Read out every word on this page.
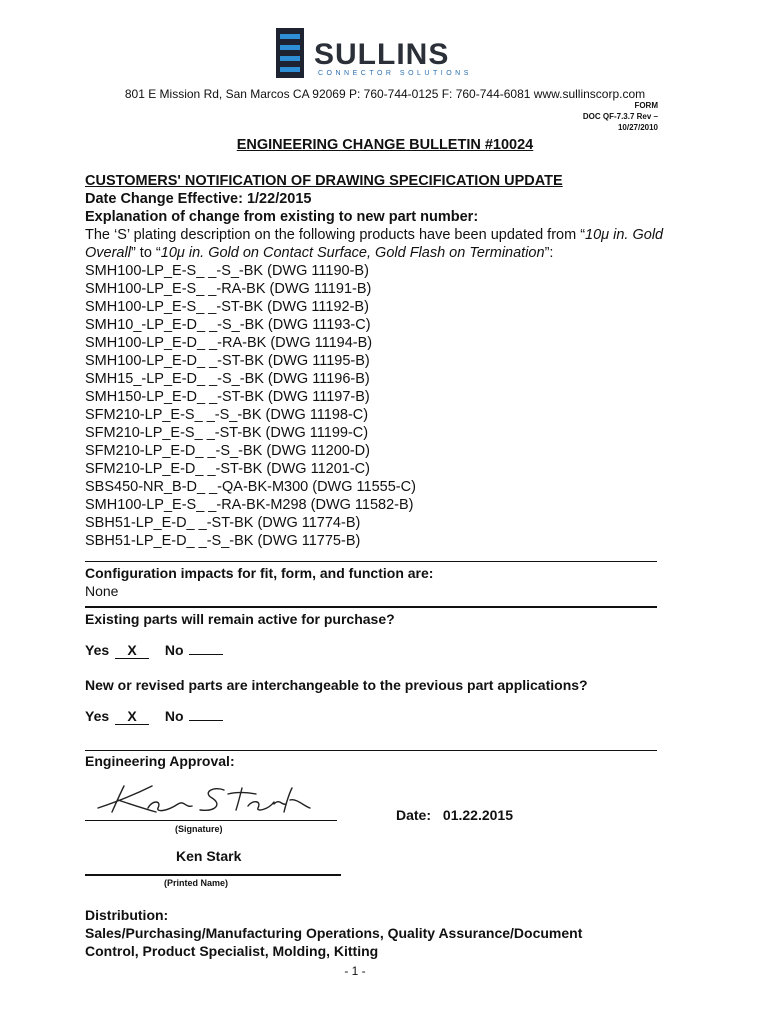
SULLINS
CONNECTOR SOLUTIONS
801 E Mission Rd, San Marcos CA 92069 P: 760-744-0125 F: 760-744-6081 www.sullinscorp.com
FORM
DOC QF-7.3.7 Rev –
10/27/2010
ENGINEERING CHANGE BULLETIN #10024
CUSTOMERS' NOTIFICATION OF DRAWING SPECIFICATION UPDATE
Date Change Effective: 1/22/2015
Explanation of change from existing to new part number:
The ‘S’ plating description on the following products have been updated from “10μ in. Gold Overall” to “10μ in. Gold on Contact Surface, Gold Flash on Termination”:
SMH100-LP_E-S_ _-S_-BK (DWG 11190-B)
SMH100-LP_E-S_ _-RA-BK (DWG 11191-B)
SMH100-LP_E-S_ _-ST-BK (DWG 11192-B)
SMH10_-LP_E-D_ _-S_-BK (DWG 11193-C)
SMH100-LP_E-D_ _-RA-BK (DWG 11194-B)
SMH100-LP_E-D_ _-ST-BK (DWG 11195-B)
SMH15_-LP_E-D_ _-S_-BK (DWG 11196-B)
SMH150-LP_E-D_ _-ST-BK (DWG 11197-B)
SFM210-LP_E-S_ _-S_-BK (DWG 11198-C)
SFM210-LP_E-S_ _-ST-BK (DWG 11199-C)
SFM210-LP_E-D_ _-S_-BK (DWG 11200-D)
SFM210-LP_E-D_ _-ST-BK (DWG 11201-C)
SBS450-NR_B-D_ _-QA-BK-M300 (DWG 11555-C)
SMH100-LP_E-S_ _-RA-BK-M298 (DWG 11582-B)
SBH51-LP_E-D_ _-ST-BK (DWG 11774-B)
SBH51-LP_E-D_ _-S_-BK (DWG 11775-B)
Configuration impacts for fit, form, and function are:
None
Existing parts will remain active for purchase?
Yes X No
New or revised parts are interchangeable to the previous part applications?
Yes X No
Engineering Approval:
(Signature)
Date: 01.22.2015
Ken Stark
(Printed Name)
Distribution:
Sales/Purchasing/Manufacturing Operations, Quality Assurance/Document
Control, Product Specialist, Molding, Kitting
- 1 -
